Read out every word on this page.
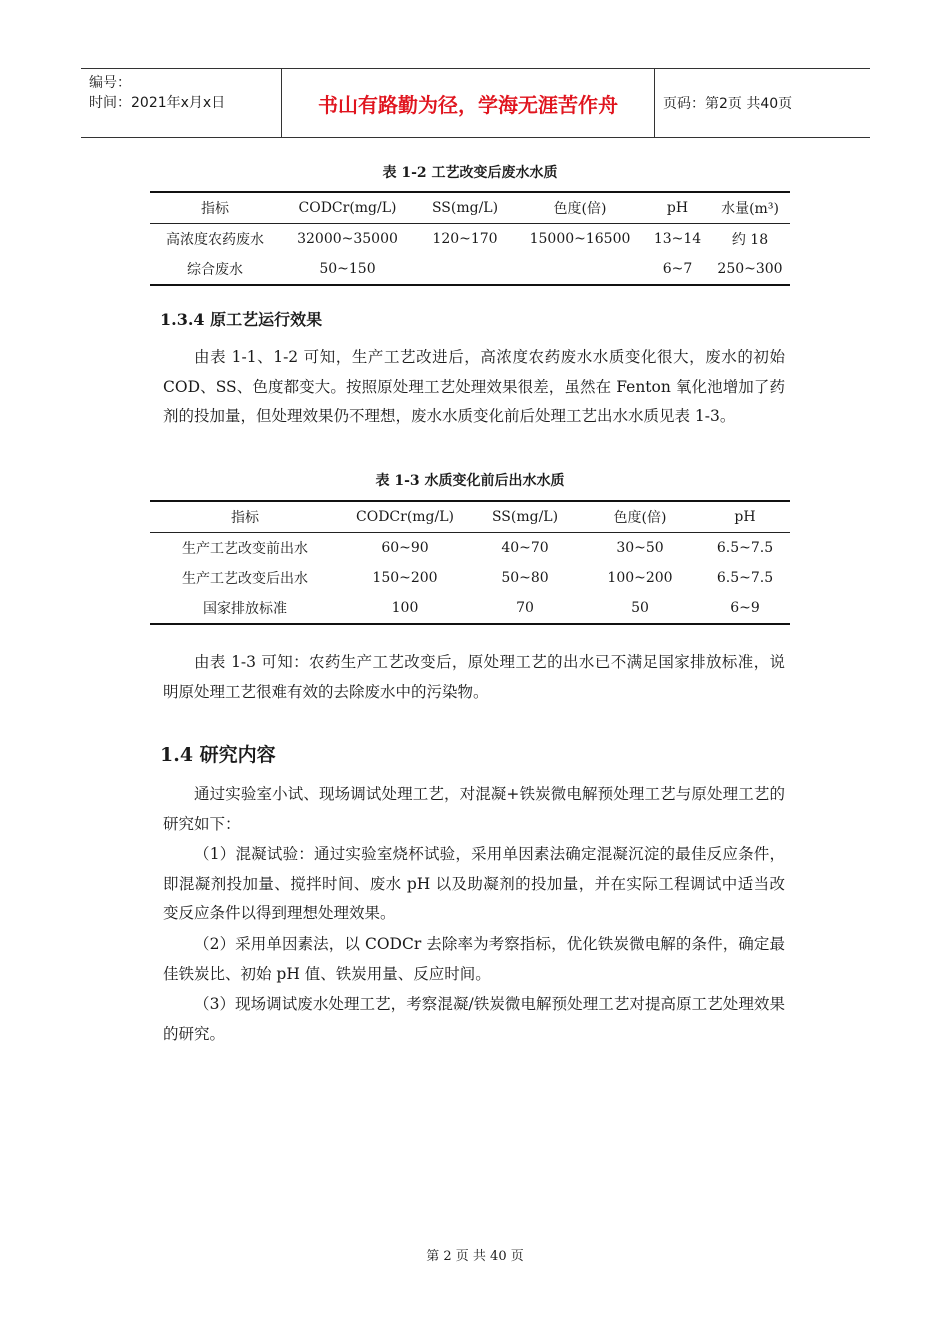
编号：
时间：2021年x月x日	书山有路勤为径，学海无涯苦作舟	页码：第2页 共40页
表 1-2 工艺改变后废水水质
指标	CODCr(mg/L)	SS(mg/L)	色度(倍)	pH	水量(m³)
高浓度农药废水	32000~35000	120~170	15000~16500	13~14	约 18
综合废水	50~150			6~7	250~300
1.3.4 原工艺运行效果
由表 1-1、1-2 可知，生产工艺改进后，高浓度农药废水水质变化很大，废水的初始 COD、SS、色度都变大。按照原处理工艺处理效果很差，虽然在 Fenton 氧化池增加了药剂的投加量，但处理效果仍不理想，废水水质变化前后处理工艺出水水质见表 1-3。
表 1-3 水质变化前后出水水质
指标	CODCr(mg/L)	SS(mg/L)	色度(倍)	pH
生产工艺改变前出水	60~90	40~70	30~50	6.5~7.5
生产工艺改变后出水	150~200	50~80	100~200	6.5~7.5
国家排放标准	100	70	50	6~9
由表 1-3 可知：农药生产工艺改变后，原处理工艺的出水已不满足国家排放标准，说明原处理工艺很难有效的去除废水中的污染物。
1.4 研究内容
通过实验室小试、现场调试处理工艺，对混凝+铁炭微电解预处理工艺与原处理工艺的研究如下：
（1）混凝试验：通过实验室烧杯试验，采用单因素法确定混凝沉淀的最佳反应条件，即混凝剂投加量、搅拌时间、废水 pH 以及助凝剂的投加量，并在实际工程调试中适当改变反应条件以得到理想处理效果。
（2）采用单因素法，以 CODCr 去除率为考察指标，优化铁炭微电解的条件，确定最佳铁炭比、初始 pH 值、铁炭用量、反应时间。
（3）现场调试废水处理工艺，考察混凝/铁炭微电解预处理工艺对提高原工艺处理效果的研究。
第 2 页 共 40 页
